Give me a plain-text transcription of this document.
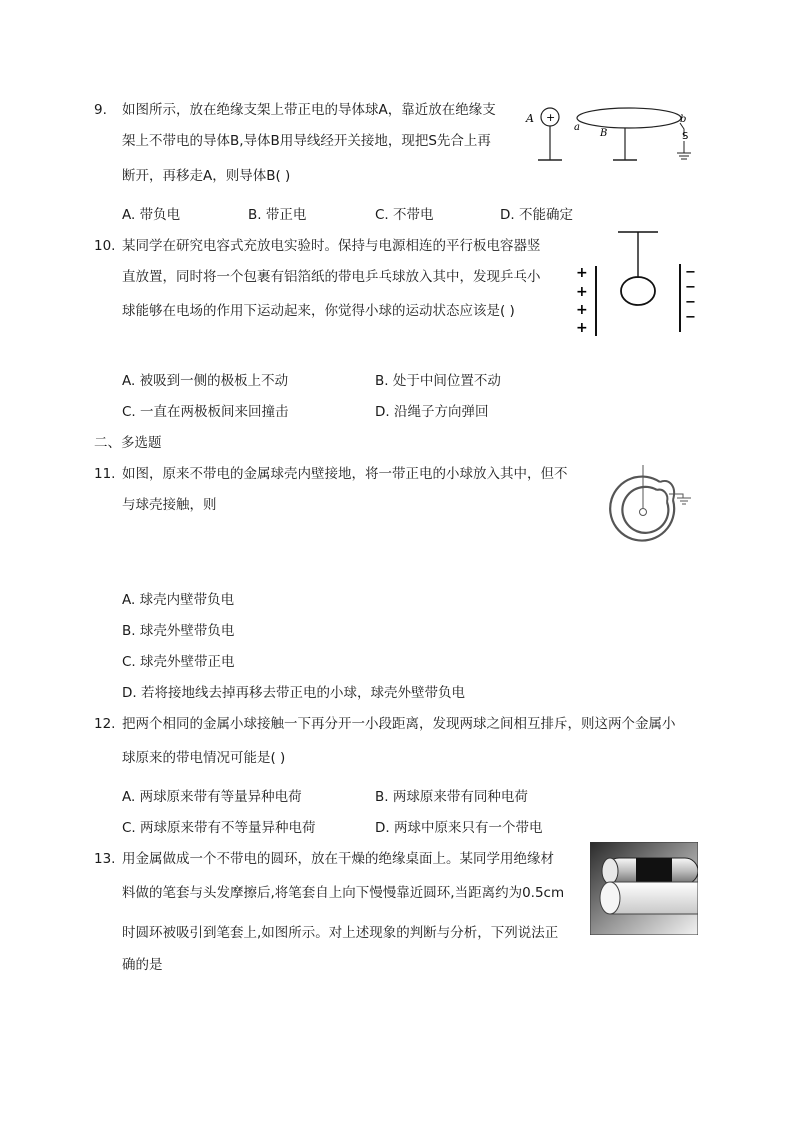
9. 如图所示，放在绝缘支架上带正电的导体球A，靠近放在绝缘支
架上不带电的导体B,导体B用导线经开关接地，现把S先合上再
断开，再移走A，则导体B( )
A. 带负电	B. 带正电	C. 不带电	D. 不能确定
A +
a
B
b
S
10. 某同学在研究电容式充放电实验时。保持与电源相连的平行板电容器竖
直放置，同时将一个包裹有铝箔纸的带电乒乓球放入其中，发现乒乓小
球能够在电场的作用下运动起来，你觉得小球的运动状态应该是( )
A. 被吸到一侧的极板上不动	B. 处于中间位置不动
C. 一直在两极板间来回撞击	D. 沿绳子方向弹回
+
+
+
+
−
−
−
−
二、多选题
11. 如图，原来不带电的金属球壳内壁接地，将一带正电的小球放入其中，但不
与球壳接触，则
A. 球壳内壁带负电
B. 球壳外壁带负电
C. 球壳外壁带正电
D. 若将接地线去掉再移去带正电的小球，球壳外壁带负电
12. 把两个相同的金属小球接触一下再分开一小段距离，发现两球之间相互排斥，则这两个金属小
球原来的带电情况可能是( )
A. 两球原来带有等量异种电荷	B. 两球原来带有同种电荷
C. 两球原来带有不等量异种电荷	D. 两球中原来只有一个带电
13. 用金属做成一个不带电的圆环，放在干燥的绝缘桌面上。某同学用绝缘材
料做的笔套与头发摩擦后,将笔套自上向下慢慢靠近圆环,当距离约为0.5cm
时圆环被吸引到笔套上,如图所示。对上述现象的判断与分析，下列说法正
确的是
